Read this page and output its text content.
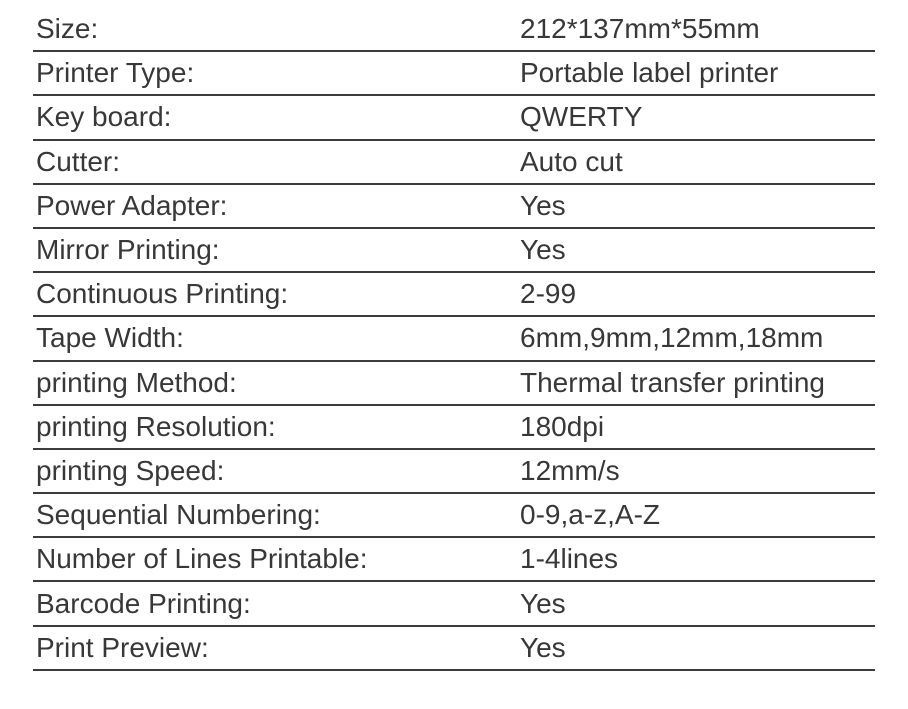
Size:	212*137mm*55mm
Printer Type:	Portable label printer
Key board:	QWERTY
Cutter:	Auto cut
Power Adapter:	Yes
Mirror Printing:	Yes
Continuous Printing:	2-99
Tape Width:	6mm,9mm,12mm,18mm
printing Method:	Thermal transfer printing
printing Resolution:	180dpi
printing Speed:	12mm/s
Sequential Numbering:	0-9,a-z,A-Z
Number of Lines Printable:	1-4lines
Barcode Printing:	Yes
Print Preview:	Yes
